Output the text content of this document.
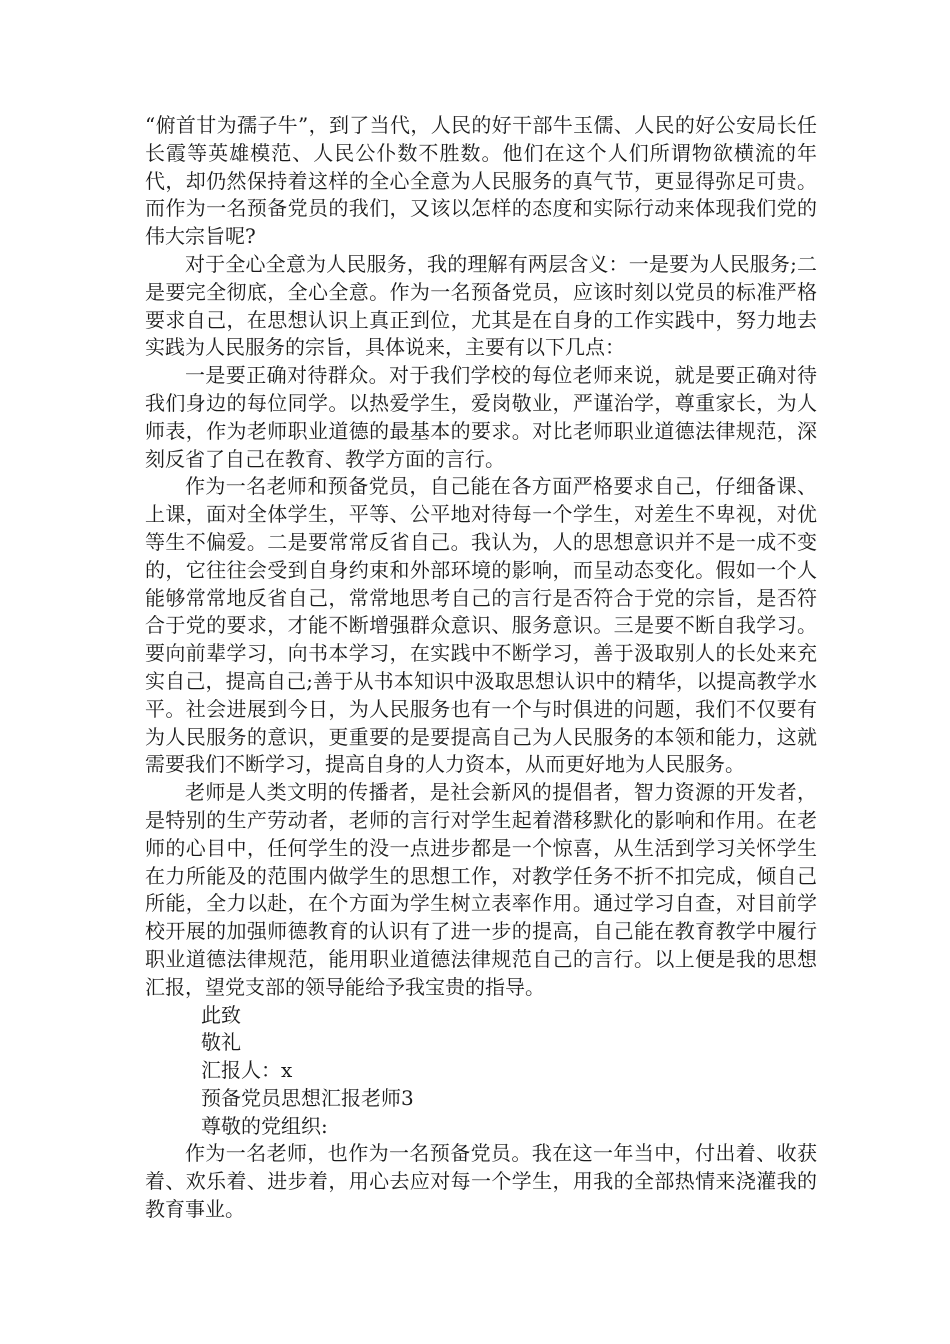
“俯首甘为孺子牛”，到了当代，人民的好干部牛玉儒、人民的好公安局长任长霞等英雄模范、人民公仆数不胜数。他们在这个人们所谓物欲横流的年代，却仍然保持着这样的全心全意为人民服务的真气节，更显得弥足可贵。而作为一名预备党员的我们，又该以怎样的态度和实际行动来体现我们党的伟大宗旨呢?

对于全心全意为人民服务，我的理解有两层含义：一是要为人民服务;二是要完全彻底，全心全意。作为一名预备党员，应该时刻以党员的标准严格要求自己，在思想认识上真正到位，尤其是在自身的工作实践中，努力地去实践为人民服务的宗旨，具体说来，主要有以下几点：

一是要正确对待群众。对于我们学校的每位老师来说，就是要正确对待我们身边的每位同学。以热爱学生，爱岗敬业，严谨治学，尊重家长，为人师表，作为老师职业道德的最基本的要求。对比老师职业道德法律规范，深刻反省了自己在教育、教学方面的言行。

作为一名老师和预备党员，自己能在各方面严格要求自己，仔细备课、上课，面对全体学生，平等、公平地对待每一个学生，对差生不卑视，对优等生不偏爱。二是要常常反省自己。我认为，人的思想意识并不是一成不变的，它往往会受到自身约束和外部环境的影响，而呈动态变化。假如一个人能够常常地反省自己，常常地思考自己的言行是否符合于党的宗旨，是否符合于党的要求，才能不断增强群众意识、服务意识。三是要不断自我学习。要向前辈学习，向书本学习，在实践中不断学习，善于汲取别人的长处来充实自己，提高自己;善于从书本知识中汲取思想认识中的精华，以提高教学水平。社会进展到今日，为人民服务也有一个与时俱进的问题，我们不仅要有为人民服务的意识，更重要的是要提高自己为人民服务的本领和能力，这就需要我们不断学习，提高自身的人力资本，从而更好地为人民服务。

老师是人类文明的传播者，是社会新风的提倡者，智力资源的开发者，是特别的生产劳动者，老师的言行对学生起着潜移默化的影响和作用。在老师的心目中，任何学生的没一点进步都是一个惊喜，从生活到学习关怀学生在力所能及的范围内做学生的思想工作，对教学任务不折不扣完成，倾自己所能，全力以赴，在个方面为学生树立表率作用。通过学习自查，对目前学校开展的加强师德教育的认识有了进一步的提高，自己能在教育教学中履行职业道德法律规范，能用职业道德法律规范自己的言行。以上便是我的思想汇报，望党支部的领导能给予我宝贵的指导。

此致

敬礼

汇报人：x

预备党员思想汇报老师3

尊敬的党组织:

作为一名老师，也作为一名预备党员。我在这一年当中，付出着、收获着、欢乐着、进步着，用心去应对每一个学生，用我的全部热情来浇灌我的教育事业。
